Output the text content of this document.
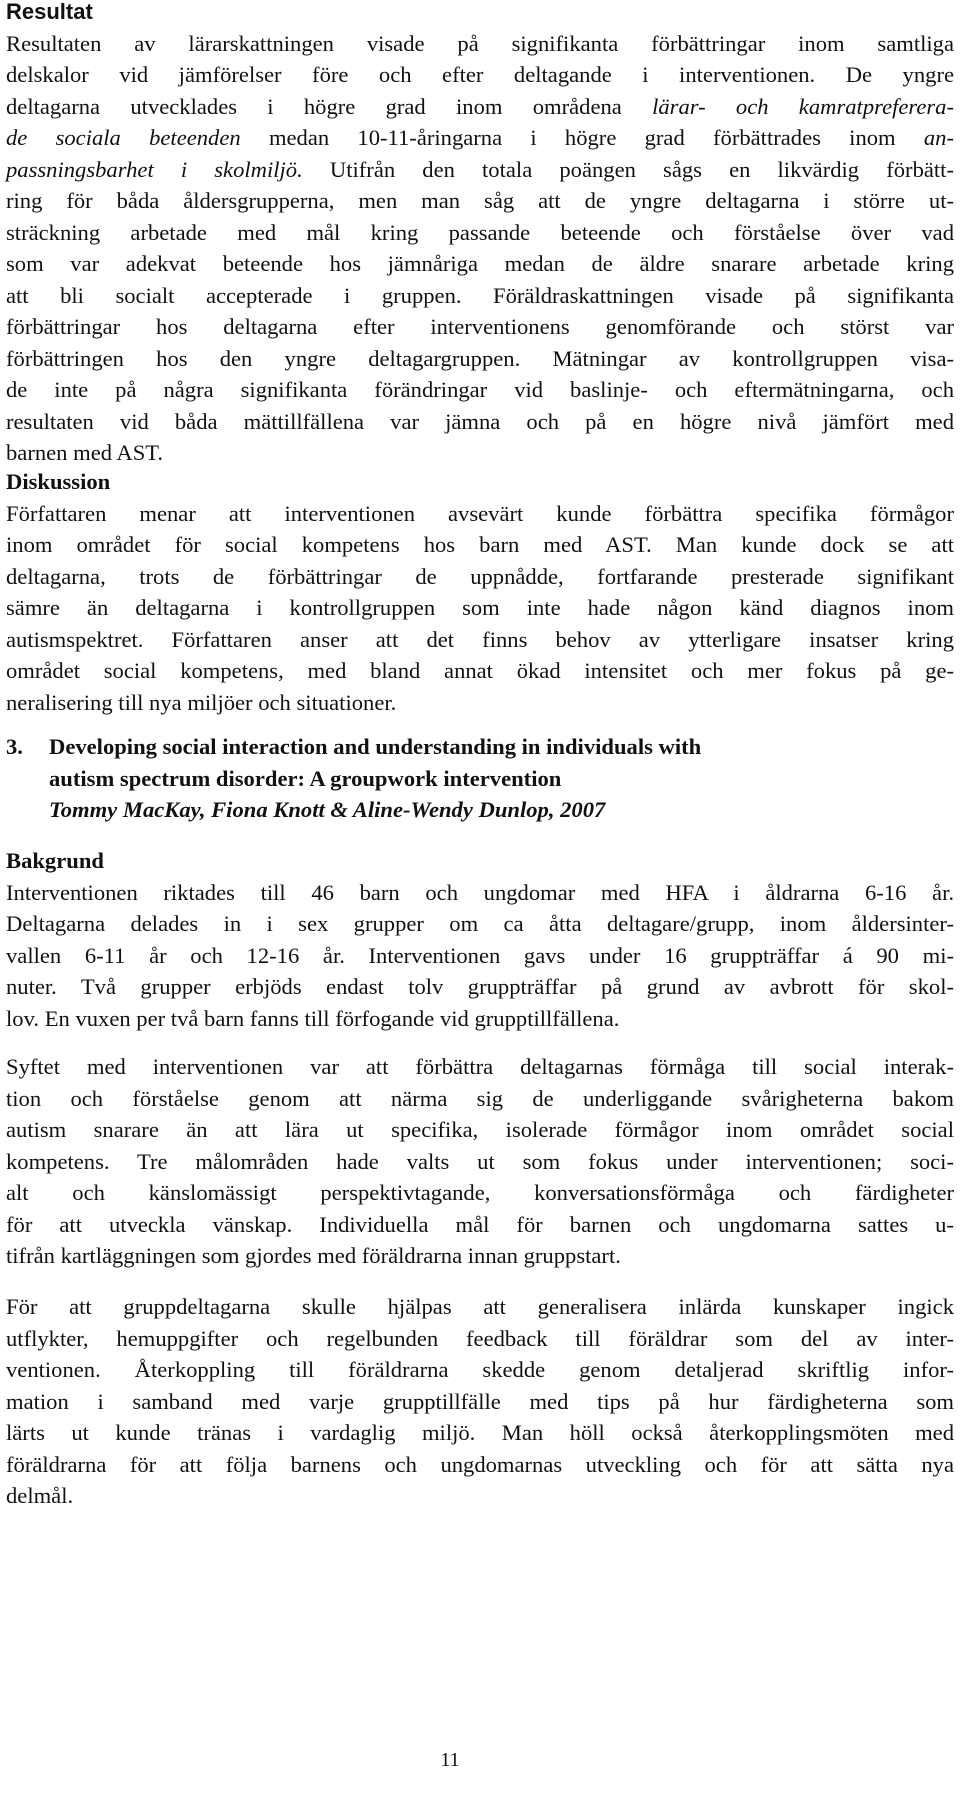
Resultat
Resultaten av lärarskattningen visade på signifikanta förbättringar inom samtliga
delskalor vid jämförelser före och efter deltagande i interventionen. De yngre
deltagarna utvecklades i högre grad inom områdena lärar- och kamratpreferera-
de sociala beteenden medan 10-11-åringarna i högre grad förbättrades inom an-
passningsbarhet i skolmiljö. Utifrån den totala poängen sågs en likvärdig förbätt-
ring för båda åldersgrupperna, men man såg att de yngre deltagarna i större ut-
sträckning arbetade med mål kring passande beteende och förståelse över vad
som var adekvat beteende hos jämnåriga medan de äldre snarare arbetade kring
att bli socialt accepterade i gruppen. Föräldraskattningen visade på signifikanta
förbättringar hos deltagarna efter interventionens genomförande och störst var
förbättringen hos den yngre deltagargruppen. Mätningar av kontrollgruppen visa-
de inte på några signifikanta förändringar vid baslinje- och eftermätningarna, och
resultaten vid båda mättillfällena var jämna och på en högre nivå jämfört med
barnen med AST.
Diskussion
Författaren menar att interventionen avsevärt kunde förbättra specifika förmågor
inom området för social kompetens hos barn med AST. Man kunde dock se att
deltagarna, trots de förbättringar de uppnådde, fortfarande presterade signifikant
sämre än deltagarna i kontrollgruppen som inte hade någon känd diagnos inom
autismspektret. Författaren anser att det finns behov av ytterligare insatser kring
området social kompetens, med bland annat ökad intensitet och mer fokus på ge-
neralisering till nya miljöer och situationer.
3. Developing social interaction and understanding in individuals with
autism spectrum disorder: A groupwork intervention
Tommy MacKay, Fiona Knott & Aline-Wendy Dunlop, 2007
Bakgrund
Interventionen riktades till 46 barn och ungdomar med HFA i åldrarna 6-16 år.
Deltagarna delades in i sex grupper om ca åtta deltagare/grupp, inom åldersinter-
vallen 6-11 år och 12-16 år. Interventionen gavs under 16 gruppträffar á 90 mi-
nuter. Två grupper erbjöds endast tolv gruppträffar på grund av avbrott för skol-
lov. En vuxen per två barn fanns till förfogande vid grupptillfällena.
Syftet med interventionen var att förbättra deltagarnas förmåga till social interak-
tion och förståelse genom att närma sig de underliggande svårigheterna bakom
autism snarare än att lära ut specifika, isolerade förmågor inom området social
kompetens. Tre målområden hade valts ut som fokus under interventionen; soci-
alt och känslomässigt perspektivtagande, konversationsförmåga och färdigheter
för att utveckla vänskap. Individuella mål för barnen och ungdomarna sattes u-
tifrån kartläggningen som gjordes med föräldrarna innan gruppstart.
För att gruppdeltagarna skulle hjälpas att generalisera inlärda kunskaper ingick
utflykter, hemuppgifter och regelbunden feedback till föräldrar som del av inter-
ventionen. Återkoppling till föräldrarna skedde genom detaljerad skriftlig infor-
mation i samband med varje grupptillfälle med tips på hur färdigheterna som
lärts ut kunde tränas i vardaglig miljö. Man höll också återkopplingsmöten med
föräldrarna för att följa barnens och ungdomarnas utveckling och för att sätta nya
delmål.
11
